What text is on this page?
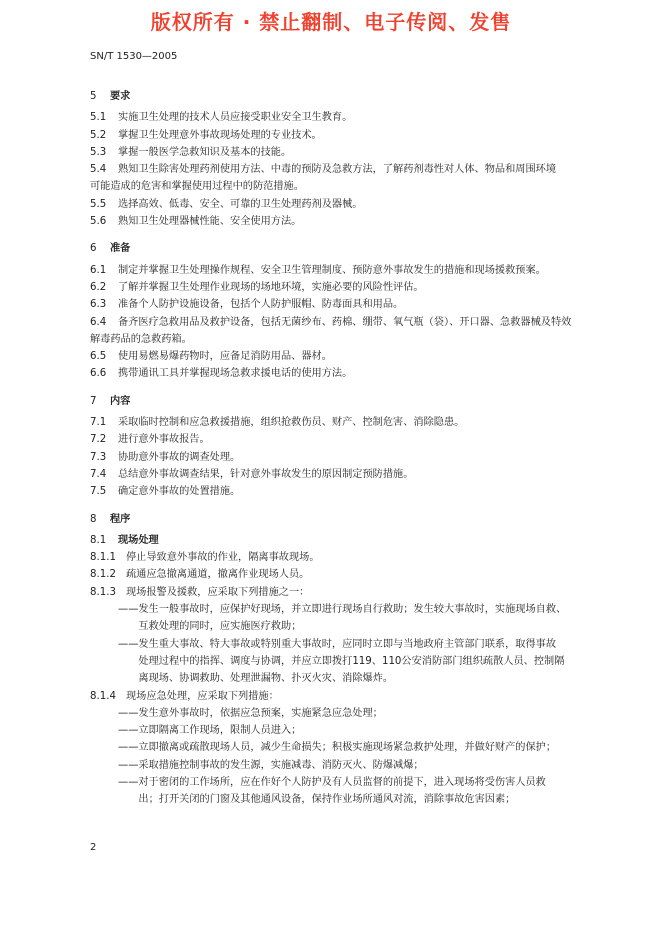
版权所有 · 禁止翻制、电子传阅、发售
SN/T 1530—2005
5 要求
5.1 实施卫生处理的技术人员应接受职业安全卫生教育。
5.2 掌握卫生处理意外事故现场处理的专业技术。
5.3 掌握一般医学急救知识及基本的技能。
5.4 熟知卫生除害处理药剂使用方法、中毒的预防及急救方法，了解药剂毒性对人体、物品和周围环境
可能造成的危害和掌握使用过程中的防范措施。
5.5 选择高效、低毒、安全、可靠的卫生处理药剂及器械。
5.6 熟知卫生处理器械性能、安全使用方法。
6 准备
6.1 制定并掌握卫生处理操作规程、安全卫生管理制度、预防意外事故发生的措施和现场援救预案。
6.2 了解并掌握卫生处理作业现场的场地环境，实施必要的风险性评估。
6.3 准备个人防护设施设备，包括个人防护服帽、防毒面具和用品。
6.4 备齐医疗急救用品及救护设备，包括无菌纱布、药棉、绷带、氧气瓶（袋）、开口器、急救器械及特效
解毒药品的急救药箱。
6.5 使用易燃易爆药物时，应备足消防用品、器材。
6.6 携带通讯工具并掌握现场急救求援电话的使用方法。
7 内容
7.1 采取临时控制和应急救援措施，组织抢救伤员、财产、控制危害、消除隐患。
7.2 进行意外事故报告。
7.3 协助意外事故的调查处理。
7.4 总结意外事故调查结果，针对意外事故发生的原因制定预防措施。
7.5 确定意外事故的处置措施。
8 程序
8.1 现场处理
8.1.1 停止导致意外事故的作业，隔离事故现场。
8.1.2 疏通应急撤离通道，撤离作业现场人员。
8.1.3 现场报警及援救，应采取下列措施之一：
——发生一般事故时，应保护好现场，并立即进行现场自行救助；发生较大事故时，实施现场自救、
互救处理的同时，应实施医疗救助；
——发生重大事故、特大事故或特别重大事故时，应同时立即与当地政府主管部门联系，取得事故
处理过程中的指挥、调度与协调，并应立即拨打119、110公安消防部门组织疏散人员、控制隔
离现场、协调救助、处理泄漏物、扑灭火灾、消除爆炸。
8.1.4 现场应急处理，应采取下列措施：
——发生意外事故时，依据应急预案，实施紧急应急处理；
——立即隔离工作现场，限制人员进入；
——立即撤离或疏散现场人员，减少生命损失；积极实施现场紧急救护处理，并做好财产的保护；
——采取措施控制事故的发生源，实施减毒、消防灭火、防爆减爆；
——对于密闭的工作场所，应在作好个人防护及有人员监督的前提下，进入现场将受伤害人员救
出；打开关闭的门窗及其他通风设备，保持作业场所通风对流，消除事故危害因素；
2
